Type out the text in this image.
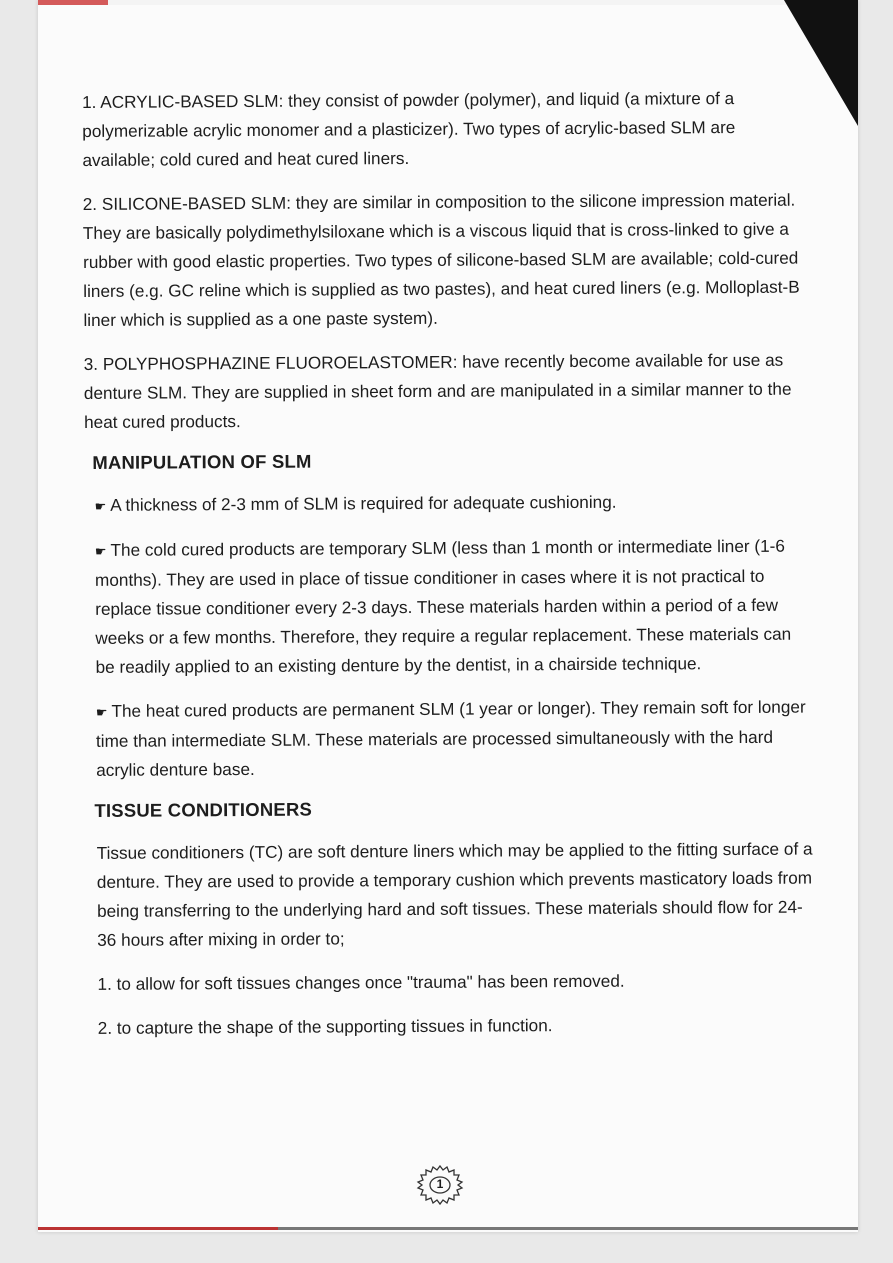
1. ACRYLIC-BASED SLM: they consist of powder (polymer), and liquid (a mixture of a polymerizable acrylic monomer and a plasticizer). Two types of acrylic-based SLM are available; cold cured and heat cured liners.

2. SILICONE-BASED SLM: they are similar in composition to the silicone impression material. They are basically polydimethylsiloxane which is a viscous liquid that is cross-linked to give a rubber with good elastic properties. Two types of silicone-based SLM are available; cold-cured liners (e.g. GC reline which is supplied as two pastes), and heat cured liners (e.g. Molloplast-B liner which is supplied as a one paste system).

3. POLYPHOSPHAZINE FLUOROELASTOMER: have recently become available for use as denture SLM. They are supplied in sheet form and are manipulated in a similar manner to the heat cured products.

MANIPULATION OF SLM

☛ A thickness of 2-3 mm of SLM is required for adequate cushioning.

☛ The cold cured products are temporary SLM (less than 1 month or intermediate liner (1-6 months). They are used in place of tissue conditioner in cases where it is not practical to replace tissue conditioner every 2-3 days. These materials harden within a period of a few weeks or a few months. Therefore, they require a regular replacement. These materials can be readily applied to an existing denture by the dentist, in a chairside technique.

☛ The heat cured products are permanent SLM (1 year or longer). They remain soft for longer time than intermediate SLM. These materials are processed simultaneously with the hard acrylic denture base.

TISSUE CONDITIONERS

Tissue conditioners (TC) are soft denture liners which may be applied to the fitting surface of a denture. They are used to provide a temporary cushion which prevents masticatory loads from being transferring to the underlying hard and soft tissues. These materials should flow for 24-36 hours after mixing in order to;

1. to allow for soft tissues changes once "trauma" has been removed.

2. to capture the shape of the supporting tissues in function.

1
